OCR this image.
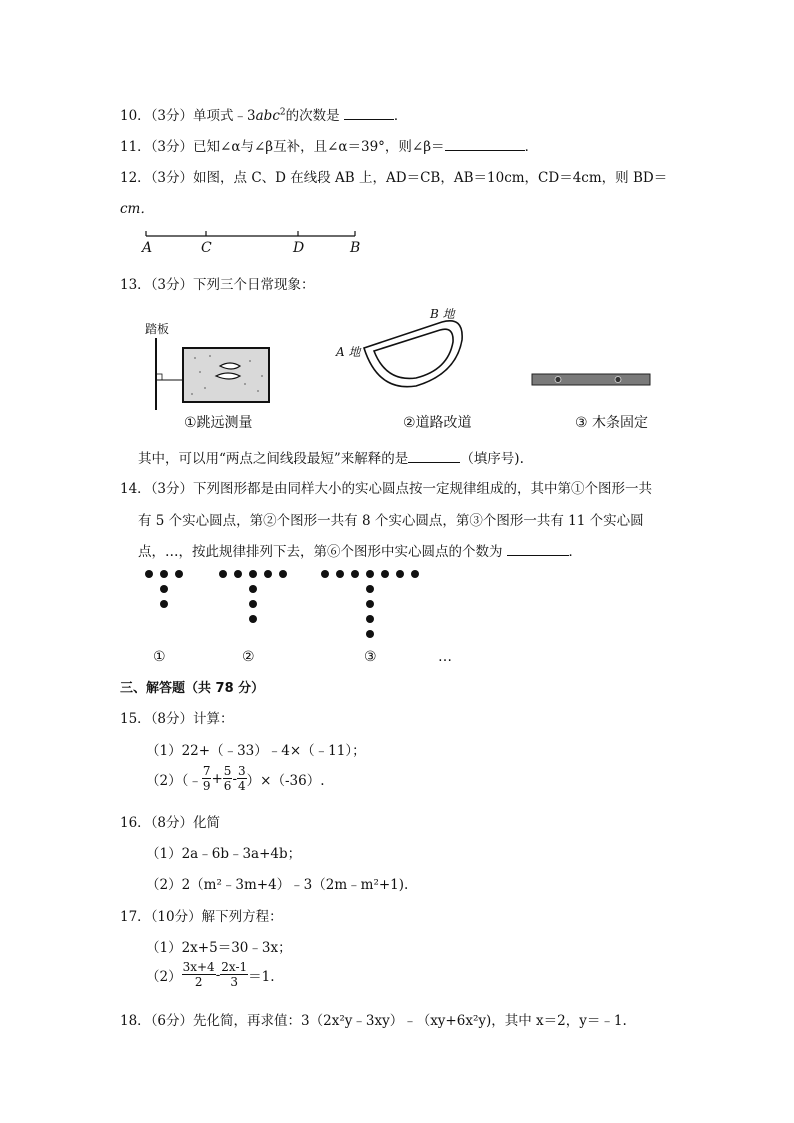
10．（3分）单项式﹣3abc$^2$的次数是	．
11．（3分）已知∠α与∠β互补，且∠α＝39°，则∠β＝	．
12．（3分）如图，点 C、D 在线段 AB 上，AD＝CB，AB＝10cm，CD＝4cm，则 BD＝
cm．
A	C	D	B
13．（3分）下列三个日常现象：
踏板
①跳远测量
B 地
A 地
②道路改道	③ 木条固定
其中，可以用“两点之间线段最短”来解释的是	（填序号).
14．（3分）下列图形都是由同样大小的实心圆点按一定规律组成的，其中第①个图形一共
有 5 个实心圆点，第②个图形一共有 8 个实心圆点，第③个图形一共有 11 个实心圆
点，…，按此规律排列下去，第⑥个图形中实心圆点的个数为	．
①	②	③	…
三、解答题（共 78 分）
15．（8分）计算：
（1）22+（﹣33）﹣4×（﹣11）；
（2）（﹣ $\frac{7}{9} + \frac{5}{6} - \frac{3}{4} )\times(-36)$.
16．（8分）化简
（1）2a﹣6b﹣3a+4b；
（2）2（m²﹣3m+4）﹣3（2m﹣m²+1).
17．（10分）解下列方程：
（1）2x+5＝30﹣3x；
$(2) \frac{3x+4}{2} - \frac{2x-1}{3} =1$.
18．（6分）先化简，再求值：3（2x²y﹣3xy）﹣（xy+6x²y)，其中 x＝2，y＝﹣1.
